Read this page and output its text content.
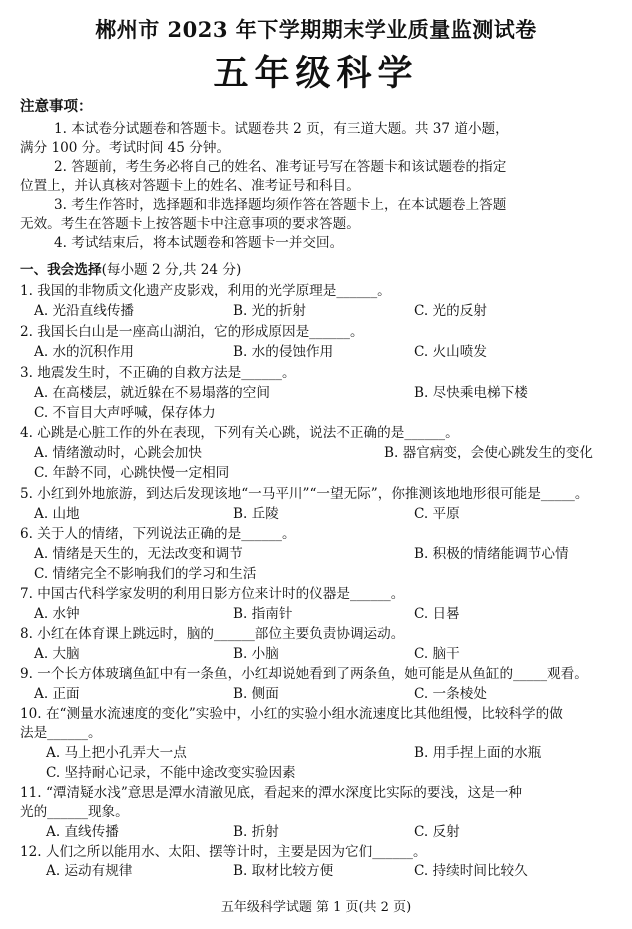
郴州市 2023 年下学期期末学业质量监测试卷
五年级科学
注意事项：
1. 本试卷分试题卷和答题卡。试题卷共 2 页，有三道大题。共 37 道小题，
满分 100 分。考试时间 45 分钟。
2. 答题前，考生务必将自己的姓名、准考证号写在答题卡和该试题卷的指定
位置上，并认真核对答题卡上的姓名、准考证号和科目。
3. 考生作答时，选择题和非选择题均须作答在答题卡上，在本试题卷上答题
无效。考生在答题卡上按答题卡中注意事项的要求答题。
4. 考试结束后，将本试题卷和答题卡一并交回。
一、我会选择(每小题 2 分,共 24 分)
1. 我国的非物质文化遗产皮影戏，利用的光学原理是______。
A. 光沿直线传播	B. 光的折射	C. 光的反射
2. 我国长白山是一座高山湖泊，它的形成原因是______。
A. 水的沉积作用	B. 水的侵蚀作用	C. 火山喷发
3. 地震发生时，不正确的自救方法是______。
A. 在高楼层，就近躲在不易塌落的空间	B. 尽快乘电梯下楼
C. 不盲目大声呼喊，保存体力
4. 心跳是心脏工作的外在表现，下列有关心跳，说法不正确的是______。
A. 情绪激动时，心跳会加快	B. 器官病变，会使心跳发生的变化
C. 年龄不同，心跳快慢一定相同
5. 小红到外地旅游，到达后发现该地“一马平川”“一望无际”，你推测该地地形很可能是_____。
A. 山地	B. 丘陵	C. 平原
6. 关于人的情绪，下列说法正确的是______。
A. 情绪是天生的，无法改变和调节	B. 积极的情绪能调节心情
C. 情绪完全不影响我们的学习和生活
7. 中国古代科学家发明的利用日影方位来计时的仪器是______。
A. 水钟	B. 指南针	C. 日晷
8. 小红在体育课上跳远时，脑的______部位主要负责协调运动。
A. 大脑	B. 小脑	C. 脑干
9. 一个长方体玻璃鱼缸中有一条鱼，小红却说她看到了两条鱼，她可能是从鱼缸的_____观看。
A. 正面	B. 侧面	C. 一条棱处
10. 在“测量水流速度的变化”实验中，小红的实验小组水流速度比其他组慢，比较科学的做
法是______。
A. 马上把小孔弄大一点	B. 用手捏上面的水瓶
C. 坚持耐心记录，不能中途改变实验因素
11. “潭清疑水浅”意思是潭水清澈见底，看起来的潭水深度比实际的要浅，这是一种
光的______现象。
A. 直线传播	B. 折射	C. 反射
12. 人们之所以能用水、太阳、摆等计时，主要是因为它们______。
A. 运动有规律	B. 取材比较方便	C. 持续时间比较久
五年级科学试题 第 1 页(共 2 页)
